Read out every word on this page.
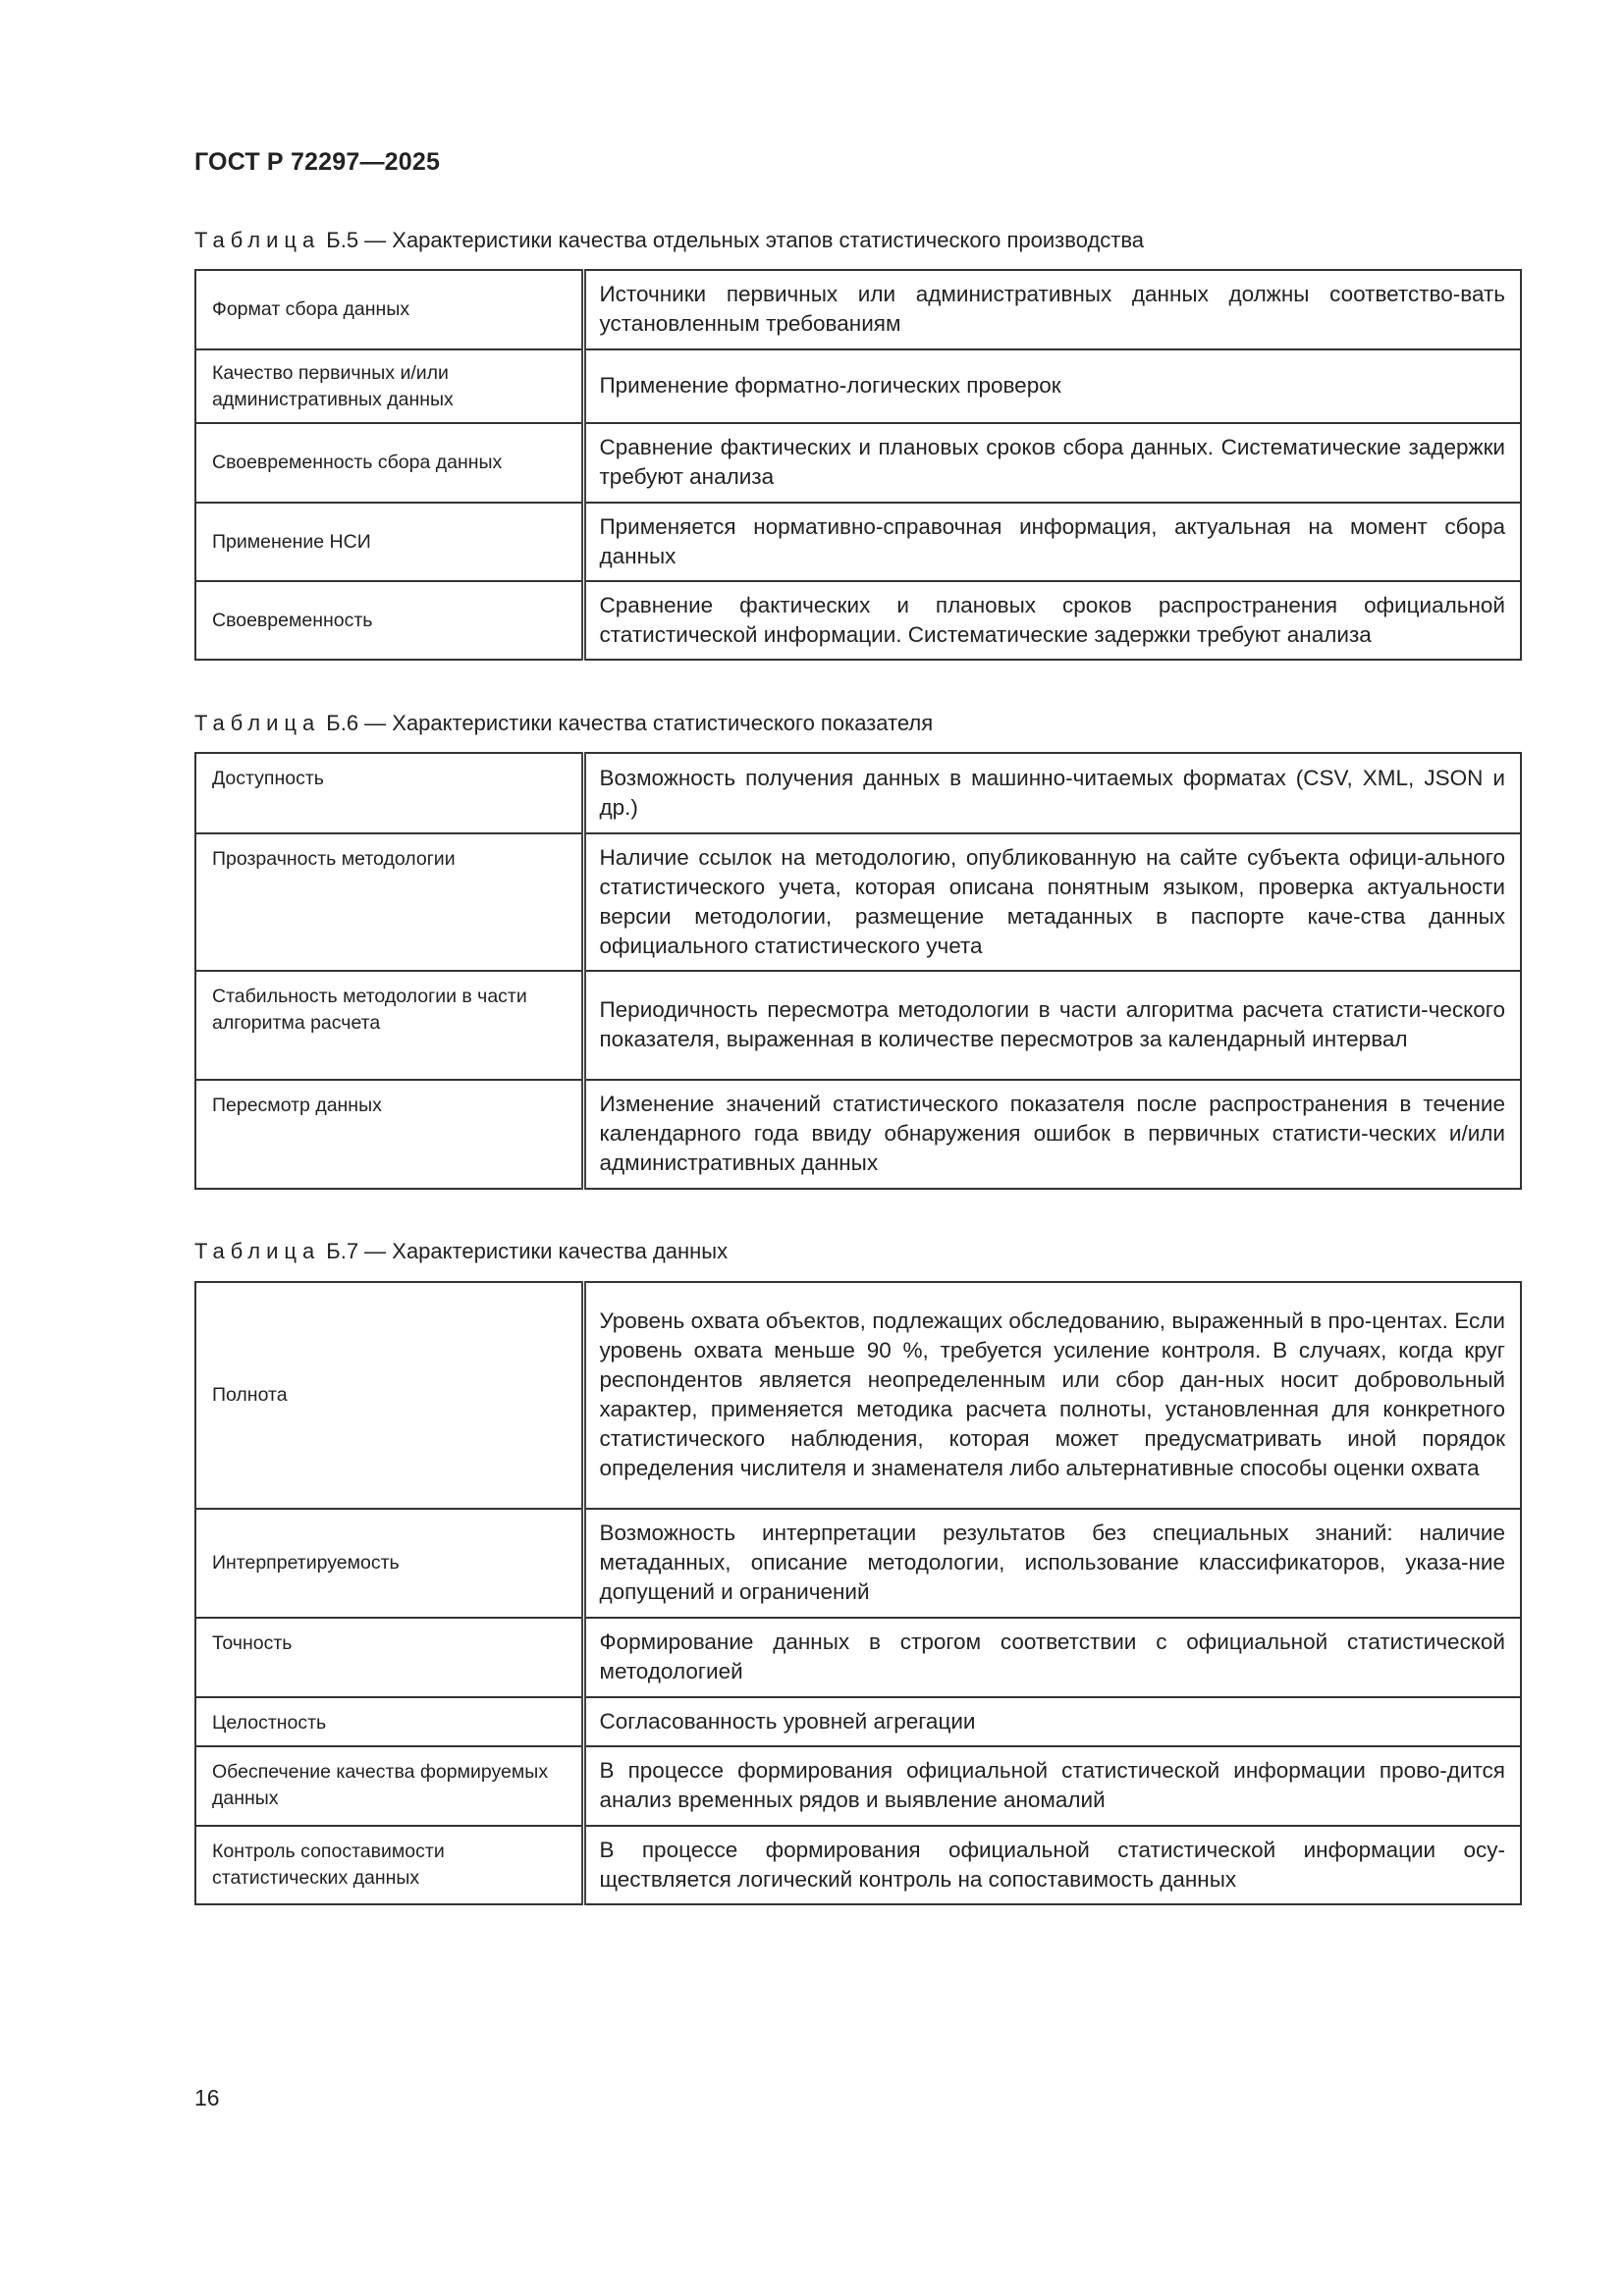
ГОСТ Р 72297—2025
Таблица Б.5 — Характеристики качества отдельных этапов статистического производства
Формат сбора данных	Источники первичных или административных данных должны соответство-вать установленным требованиям
Качество первичных и/или административных данных	Применение форматно-логических проверок
Своевременность сбора данных	Сравнение фактических и плановых сроков сбора данных. Систематические задержки требуют анализа
Применение НСИ	Применяется нормативно-справочная информация, актуальная на момент сбора данных
Своевременность	Сравнение фактических и плановых сроков распространения официальной статистической информации. Систематические задержки требуют анализа
Таблица Б.6 — Характеристики качества статистического показателя
Доступность	Возможность получения данных в машинно-читаемых форматах (CSV, XML, JSON и др.)
Прозрачность методологии	Наличие ссылок на методологию, опубликованную на сайте субъекта офици-ального статистического учета, которая описана понятным языком, проверка актуальности версии методологии, размещение метаданных в паспорте каче-ства данных официального статистического учета
Стабильность методологии в части алгоритма расчета	Периодичность пересмотра методологии в части алгоритма расчета статисти-ческого показателя, выраженная в количестве пересмотров за календарный интервал
Пересмотр данных	Изменение значений статистического показателя после распространения в течение календарного года ввиду обнаружения ошибок в первичных статисти-ческих и/или административных данных
Таблица Б.7 — Характеристики качества данных
Полнота	Уровень охвата объектов, подлежащих обследованию, выраженный в про-центах. Если уровень охвата меньше 90 %, требуется усиление контроля. В случаях, когда круг респондентов является неопределенным или сбор дан-ных носит добровольный характер, применяется методика расчета полноты, установленная для конкретного статистического наблюдения, которая может предусматривать иной порядок определения числителя и знаменателя либо альтернативные способы оценки охвата
Интерпретируемость	Возможность интерпретации результатов без специальных знаний: наличие метаданных, описание методологии, использование классификаторов, указа-ние допущений и ограничений
Точность	Формирование данных в строгом соответствии с официальной статистической методологией
Целостность	Согласованность уровней агрегации
Обеспечение качества формируемых данных	В процессе формирования официальной статистической информации прово-дится анализ временных рядов и выявление аномалий
Контроль сопоставимости статистических данных	В процессе формирования официальной статистической информации осу-ществляется логический контроль на сопоставимость данных
16
